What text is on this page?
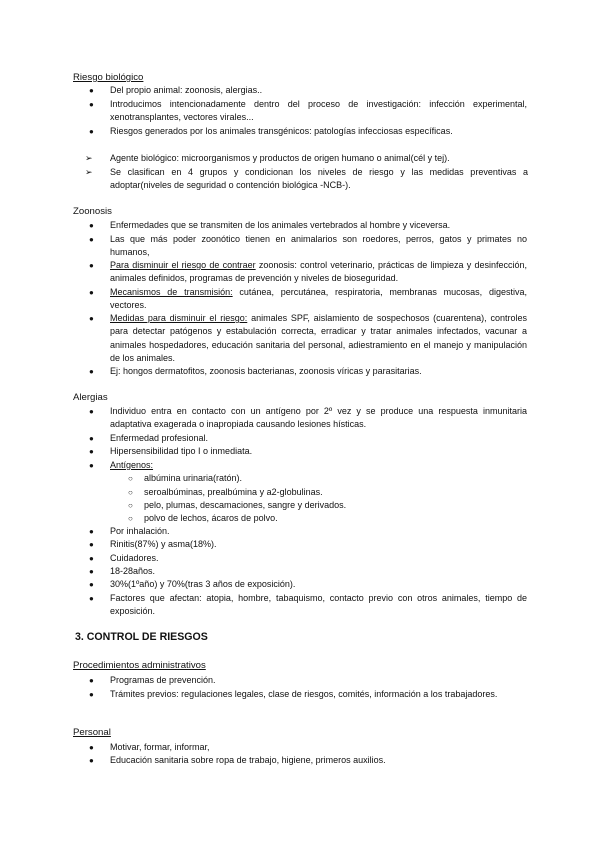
Riesgo biológico
●	Del propio animal: zoonosis, alergias..
●	Introducimos intencionadamente dentro del proceso de investigación: infección experimental, xenotransplantes, vectores virales...
●	Riesgos generados por los animales transgénicos: patologías infecciosas específicas.
➢ Agente biológico: microorganismos y productos de origen humano o animal(cél y tej).
➢ Se clasifican en 4 grupos y condicionan los niveles de riesgo y las medidas preventivas a adoptar(niveles de seguridad o contención biológica -NCB-).
Zoonosis
●	Enfermedades que se transmiten de los animales vertebrados al hombre y viceversa.
●	Las que más poder zoonótico tienen en animalarios son roedores, perros, gatos y primates no humanos,
●	Para disminuir el riesgo de contraer zoonosis: control veterinario, prácticas de limpieza y desinfección, animales definidos, programas de prevención y niveles de bioseguridad.
●	Mecanismos de transmisión: cutánea, percutánea, respiratoria, membranas mucosas, digestiva, vectores.
●	Medidas para disminuir el riesgo: animales SPF, aislamiento de sospechosos (cuarentena), controles para detectar patógenos y estabulación correcta, erradicar y tratar animales infectados, vacunar a animales hospedadores, educación sanitaria del personal, adiestramiento en el manejo y manipulación de los animales.
●	Ej: hongos dermatofitos, zoonosis bacterianas, zoonosis víricas y parasitarias.
Alergias
●	Individuo entra en contacto con un antígeno por 2º vez y se produce una respuesta inmunitaria adaptativa exagerada o inapropiada causando lesiones hísticas.
●	Enfermedad profesional.
●	Hipersensibilidad tipo I o inmediata.
●	Antígenos:
○	albúmina urinaria(ratón).
○	seroalbúminas, prealbúmina y a2-globulinas.
○	pelo, plumas, descamaciones, sangre y derivados.
○	polvo de lechos, ácaros de polvo.
●	Por inhalación.
●	Rinitis(87%) y asma(18%).
●	Cuidadores.
●	18-28años.
●	30%(1ºaño) y 70%(tras 3 años de exposición).
●	Factores que afectan: atopia, hombre, tabaquismo, contacto previo con otros animales, tiempo de exposición.
3. CONTROL DE RIESGOS
Procedimientos administrativos
●	Programas de prevención.
●	Trámites previos: regulaciones legales, clase de riesgos, comités, información a los trabajadores.
Personal
●	Motivar, formar, informar,
●	Educación sanitaria sobre ropa de trabajo, higiene, primeros auxilios.
